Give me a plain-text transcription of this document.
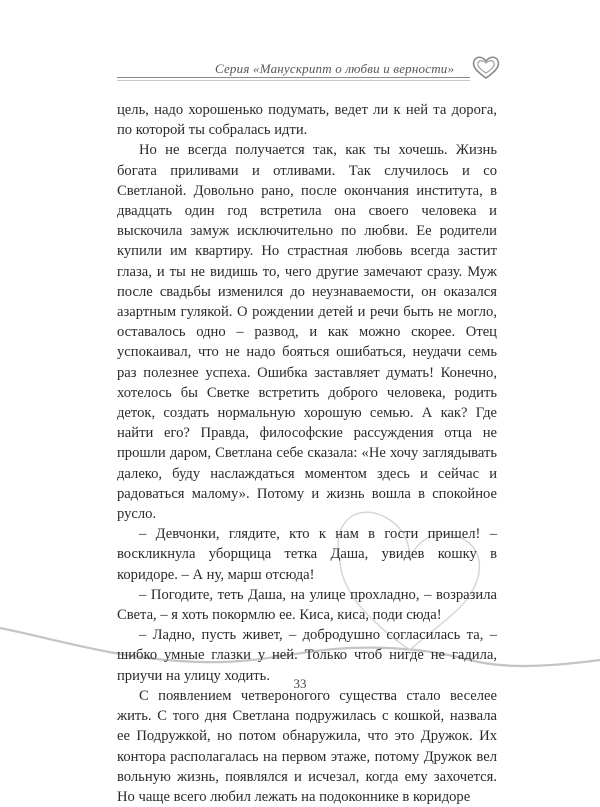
Серия «Манускрипт о любви и верности»

цель, надо хорошенько подумать, ведет ли к ней та дорога, по которой ты собралась идти.

Но не всегда получается так, как ты хочешь. Жизнь богата приливами и отливами. Так случилось и со Светланой. Довольно рано, после окончания института, в двадцать один год встретила она своего человека и выскочила замуж исключительно по любви. Ее родители купили им квартиру. Но страстная любовь всегда застит глаза, и ты не видишь то, чего другие замечают сразу. Муж после свадьбы изменился до неузнаваемости, он оказался азартным гулякой. О рождении детей и речи быть не могло, оставалось одно – развод, и как можно скорее. Отец успокаивал, что не надо бояться ошибаться, неудачи семь раз полезнее успеха. Ошибка заставляет думать! Конечно, хотелось бы Светке встретить доброго человека, родить деток, создать нормальную хорошую семью. А как? Где найти его? Правда, философские рассуждения отца не прошли даром, Светлана себе сказала: «Не хочу заглядывать далеко, буду наслаждаться моментом здесь и сейчас и радоваться малому». Потому и жизнь вошла в спокойное русло.

– Девчонки, глядите, кто к нам в гости пришел! – воскликнула уборщица тетка Даша, увидев кошку в коридоре. – А ну, марш отсюда!

– Погодите, теть Даша, на улице прохладно, – возразила Света, – я хоть покормлю ее. Киса, киса, поди сюда!

– Ладно, пусть живет, – добродушно согласилась та, – шибко умные глазки у ней. Только чтоб нигде не гадила, приучи на улицу ходить.

С появлением четвероногого существа стало веселее жить. С того дня Светлана подружилась с кошкой, назвала ее Подружкой, но потом обнаружила, что это Дружок. Их контора располагалась на первом этаже, потому Дружок вел вольную жизнь, появлялся и исчезал, когда ему захочется. Но чаще всего любил лежать на подоконнике в коридоре

33
